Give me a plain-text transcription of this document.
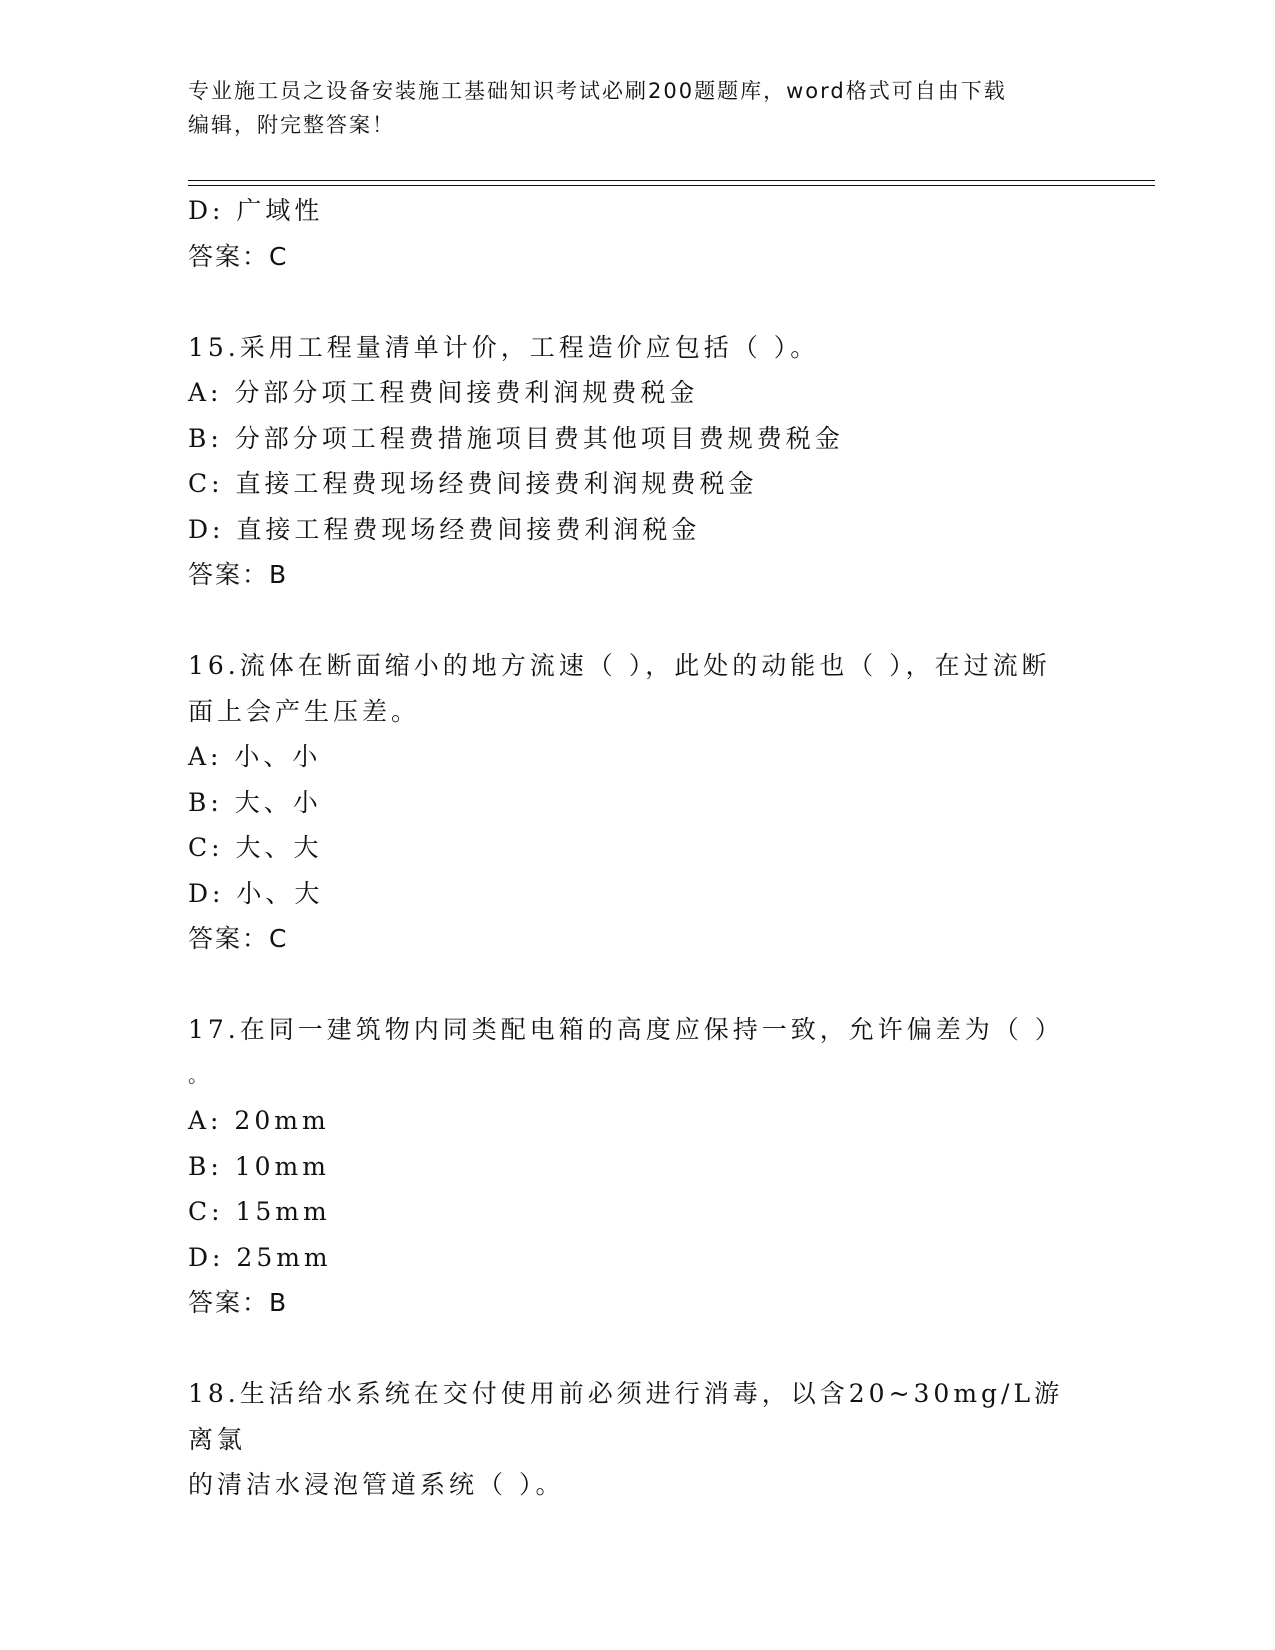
专业施工员之设备安装施工基础知识考试必刷200题题库，word格式可自由下载
编辑，附完整答案！
D: 广域性
答案：C
15.采用工程量清单计价，工程造价应包括（ ）。
A: 分部分项工程费间接费利润规费税金
B: 分部分项工程费措施项目费其他项目费规费税金
C: 直接工程费现场经费间接费利润规费税金
D: 直接工程费现场经费间接费利润税金
答案：B
16.流体在断面缩小的地方流速（ ），此处的动能也（ ），在过流断
面上会产生压差。
A: 小、小
B: 大、小
C: 大、大
D: 小、大
答案：C
17.在同一建筑物内同类配电箱的高度应保持一致，允许偏差为（ ）
。
A: 20mm
B: 10mm
C: 15mm
D: 25mm
答案：B
18.生活给水系统在交付使用前必须进行消毒，以含20~30mg/L游离氯
的清洁水浸泡管道系统（ ）。
